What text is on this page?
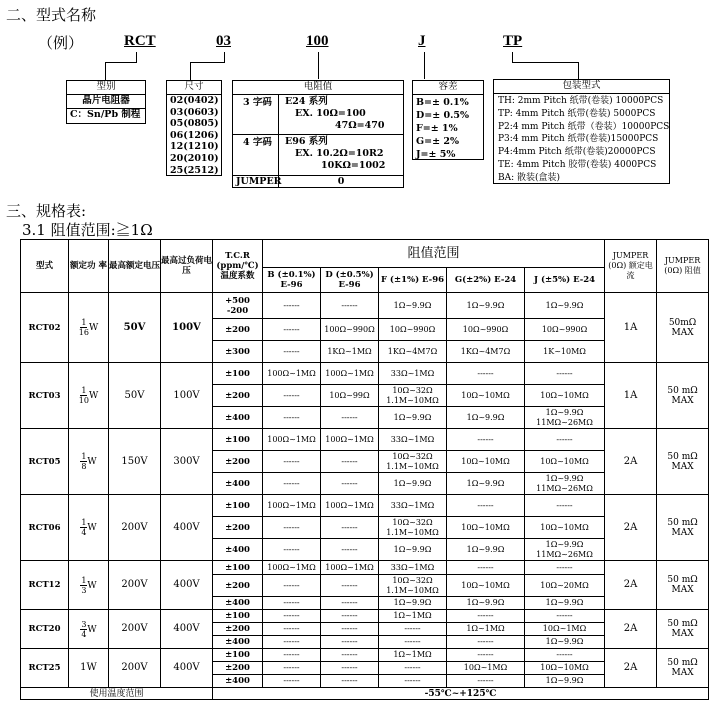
二、型式名称
（例）	RCT	03	100	J	TP
型别
晶片电阻器
C：Sn/Pb 制程
尺寸
02(0402)
03(0603)
05(0805)
06(1206)
12(1210)
20(2010)
25(2512)
电阻值
3 字码	E24 系列
EX. 10Ω=100
47Ω=470
4 字码	E96 系列
EX. 10.2Ω=10R2
10KΩ=1002
JUMPER	0
容差
B=± 0.1%
D=± 0.5%
F=± 1%
G=± 2%
J=± 5%
包装型式
TH: 2mm Pitch 纸带(卷装) 10000PCS
TP: 4mm Pitch 纸带(卷装) 5000PCS
P2:4 mm Pitch 纸带（卷装）10000PCS
P3:4 mm Pitch 纸带(卷装)15000PCS
P4:4mm Pitch 纸带(卷装)20000PCS
TE: 4mm Pitch 胶带(卷装) 4000PCS
BA: 散装(盒装)
三、规格表:
3.1 阻值范围:≧1Ω
型式	额定功 率	最高额定电压	最高过负荷电压	T.C.R (ppm/℃) 温度系数	阻值范围					JUMPER (0Ω) 额定电流	JUMPER (0Ω) 阻值
					B (±0.1%) E-96	D (±0.5%) E-96	F (±1%) E-96	G(±2%) E-24	J (±5%) E-24		
RCT02	$\frac{1}{16}$ W	50V	100V	+500 -200	------	------	1Ω~9.9Ω	1Ω~9.9Ω	1Ω~9.9Ω	1A	50mΩ MAX
				±200	------	100Ω~990Ω	10Ω~990Ω	10Ω~990Ω	10Ω~990Ω		
				±300	------	1KΩ~1MΩ	1KΩ~4M7Ω	1KΩ~4M7Ω	1K~10MΩ		
RCT03	$\frac{1}{10}$ W	50V	100V	±100	100Ω~1MΩ	100Ω~1MΩ	33Ω~1MΩ	------	------	1A	50 mΩ MAX
				±200	------	10Ω~99Ω	10Ω~32Ω 1.1M~10MΩ	10Ω~10MΩ	10Ω~10MΩ		
				±400	------	------	1Ω~9.9Ω	1Ω~9.9Ω	1Ω~9.9Ω 11MΩ~26MΩ		
RCT05	$\frac{1}{8}$ W	150V	300V	±100	100Ω~1MΩ	100Ω~1MΩ	33Ω~1MΩ	------	------	2A	50 mΩ MAX
				±200	------	------	10Ω~32Ω 1.1M~10MΩ	10Ω~10MΩ	10Ω~10MΩ		
				±400	------	------	1Ω~9.9Ω	1Ω~9.9Ω	1Ω~9.9Ω 11MΩ~26MΩ		
RCT06	$\frac{1}{4}$ W	200V	400V	±100	100Ω~1MΩ	100Ω~1MΩ	33Ω~1MΩ	------	------	2A	50 mΩ MAX
				±200	------	------	10Ω~32Ω 1.1M~10MΩ	10Ω~10MΩ	10Ω~10MΩ		
				±400	------	------	1Ω~9.9Ω	1Ω~9.9Ω	1Ω~9.9Ω 11MΩ~26MΩ		
RCT12	$\frac{1}{3}$ W	200V	400V	±100	100Ω~1MΩ	100Ω~1MΩ	33Ω~1MΩ	------	------	2A	50 mΩ MAX
				±200	------	------	10Ω~32Ω 1.1M~10MΩ	10Ω~10MΩ	10Ω~20MΩ		
				±400	------	------	1Ω~9.9Ω	1Ω~9.9Ω	1Ω~9.9Ω		
RCT20	$\frac{3}{4}$ W	200V	400V	±100	------	------	1Ω~1MΩ	------	------	2A	50 mΩ MAX
				±200	------	------	------	1Ω~1MΩ	10Ω~1MΩ		
				±400	------	------	------	------	1Ω~9.9Ω		
RCT25	1W	200V	400V	±100	------	------	1Ω~1MΩ	------	------	2A	50 mΩ MAX
				±200	------	------	------	10Ω~1MΩ	10Ω~10MΩ		
				±400	------	------	------	------	1Ω~9.9Ω		
使用温度范围				-55℃~+125℃							
